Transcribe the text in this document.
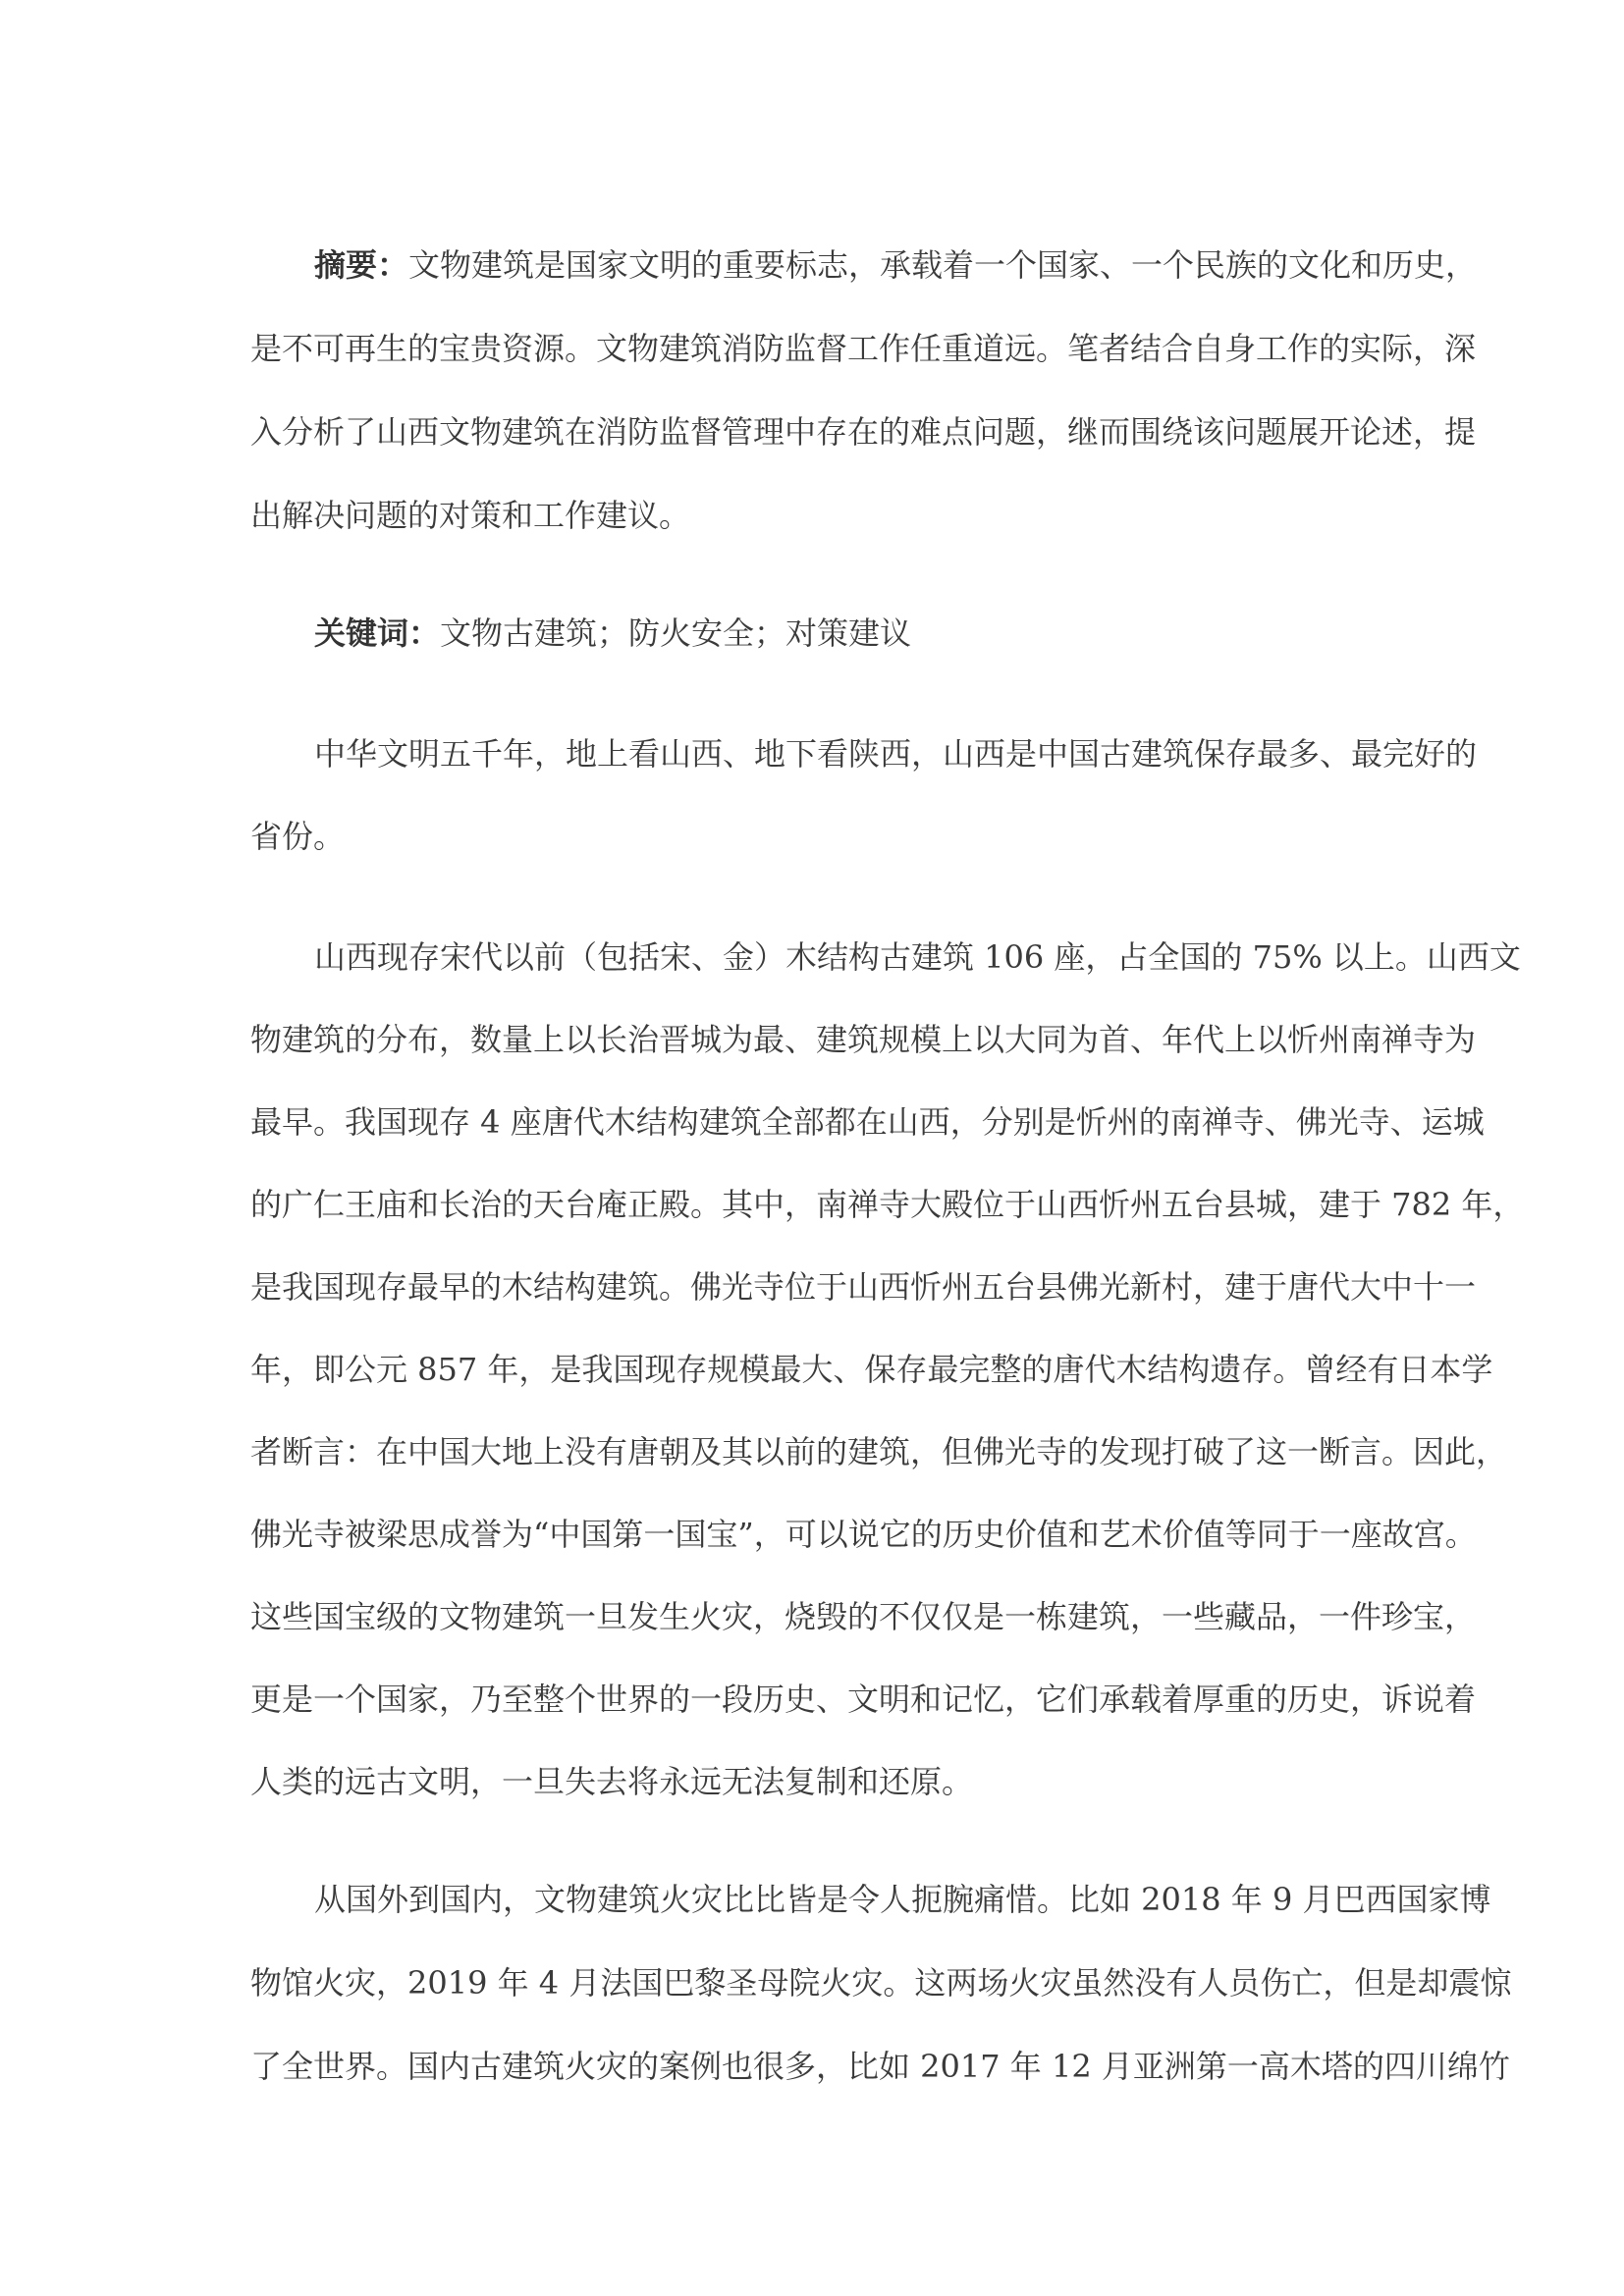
摘要：文物建筑是国家文明的重要标志，承载着一个国家、一个民族的文化和历史，
是不可再生的宝贵资源。文物建筑消防监督工作任重道远。笔者结合自身工作的实际，深
入分析了山西文物建筑在消防监督管理中存在的难点问题，继而围绕该问题展开论述，提
出解决问题的对策和工作建议。
关键词：文物古建筑；防火安全；对策建议
中华文明五千年，地上看山西、地下看陕西，山西是中国古建筑保存最多、最完好的
省份。
山西现存宋代以前（包括宋、金）木结构古建筑 106 座，占全国的 75% 以上。山西文
物建筑的分布，数量上以长治晋城为最、建筑规模上以大同为首、年代上以忻州南禅寺为
最早。我国现存 4 座唐代木结构建筑全部都在山西，分别是忻州的南禅寺、佛光寺、运城
的广仁王庙和长治的天台庵正殿。其中，南禅寺大殿位于山西忻州五台县城，建于 782 年，
是我国现存最早的木结构建筑。佛光寺位于山西忻州五台县佛光新村，建于唐代大中十一
年，即公元 857 年，是我国现存规模最大、保存最完整的唐代木结构遗存。曾经有日本学
者断言：在中国大地上没有唐朝及其以前的建筑，但佛光寺的发现打破了这一断言。因此，
佛光寺被梁思成誉为“中国第一国宝”，可以说它的历史价值和艺术价值等同于一座故宫。
这些国宝级的文物建筑一旦发生火灾，烧毁的不仅仅是一栋建筑，一些藏品，一件珍宝，
更是一个国家，乃至整个世界的一段历史、文明和记忆，它们承载着厚重的历史，诉说着
人类的远古文明，一旦失去将永远无法复制和还原。
从国外到国内，文物建筑火灾比比皆是令人扼腕痛惜。比如 2018 年 9 月巴西国家博
物馆火灾，2019 年 4 月法国巴黎圣母院火灾。这两场火灾虽然没有人员伤亡，但是却震惊
了全世界。国内古建筑火灾的案例也很多，比如 2017 年 12 月亚洲第一高木塔的四川绵竹
